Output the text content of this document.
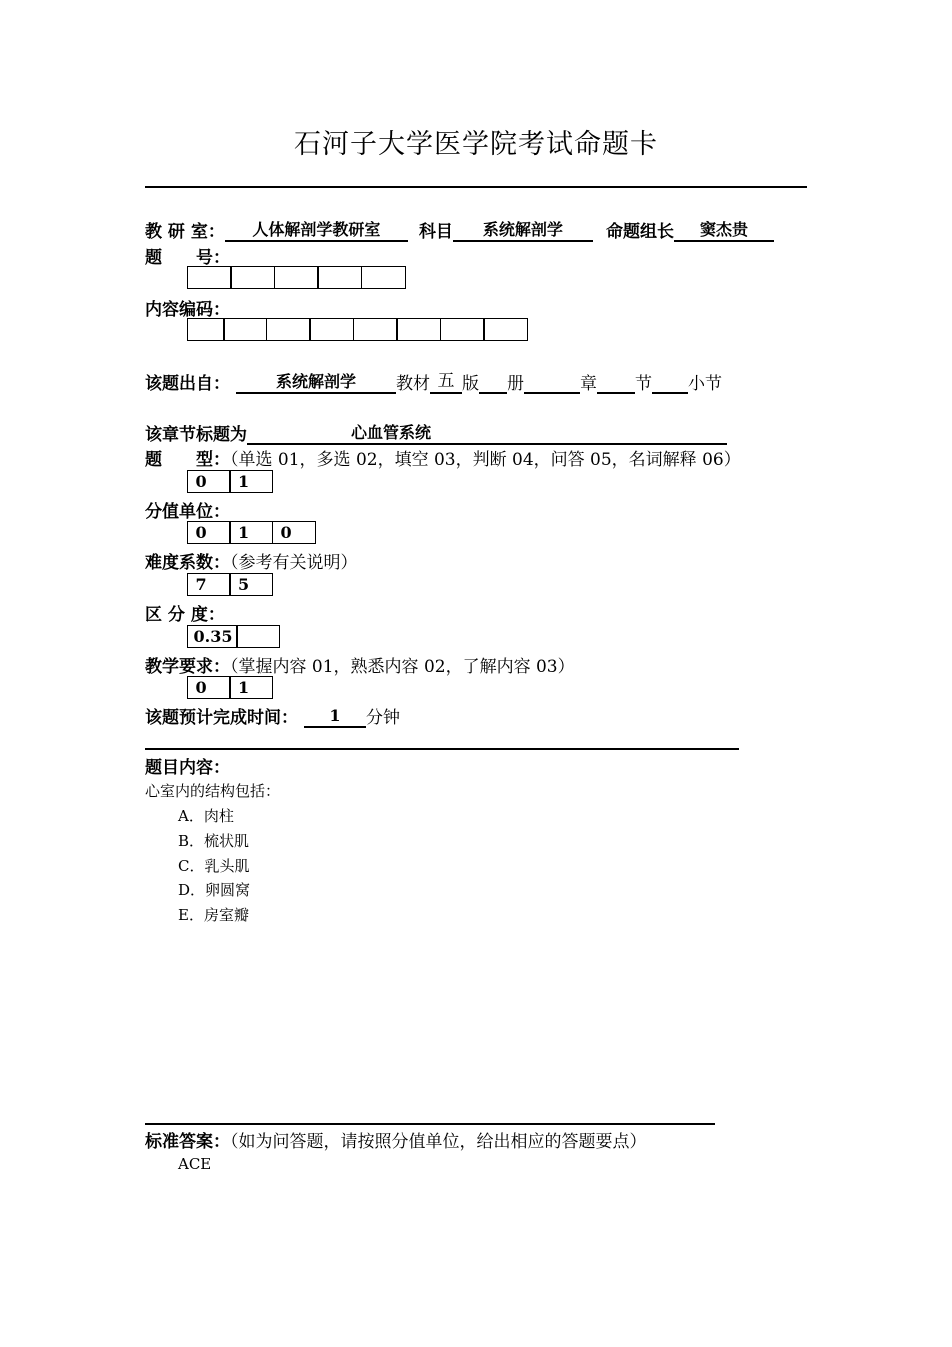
石河子大学医学院考试命题卡
教 研 室： 人体解剖学教研室 科目 系统解剖学	命题组长 窦杰贵
题　　号：
内容编码：
该题出自：	系统解剖学 教材 五 版 册	章 节 小节
该章节标题为	心血管系统
题　　型：（单选 01，多选 02，填空 03，判断 04，问答 05，名词解释 06）
0	1
分值单位：
0	1	0
难度系数：（参考有关说明）
7	5
区 分 度：
0.35
教学要求：（掌握内容 01，熟悉内容 02，了解内容 03）
0	1
该题预计完成时间： 1 分钟
题目内容：
心室内的结构包括：
A．肉柱
B．梳状肌
C．乳头肌
D．卵圆窝
E．房室瓣
标准答案：（如为问答题，请按照分值单位，给出相应的答题要点）
ACE
